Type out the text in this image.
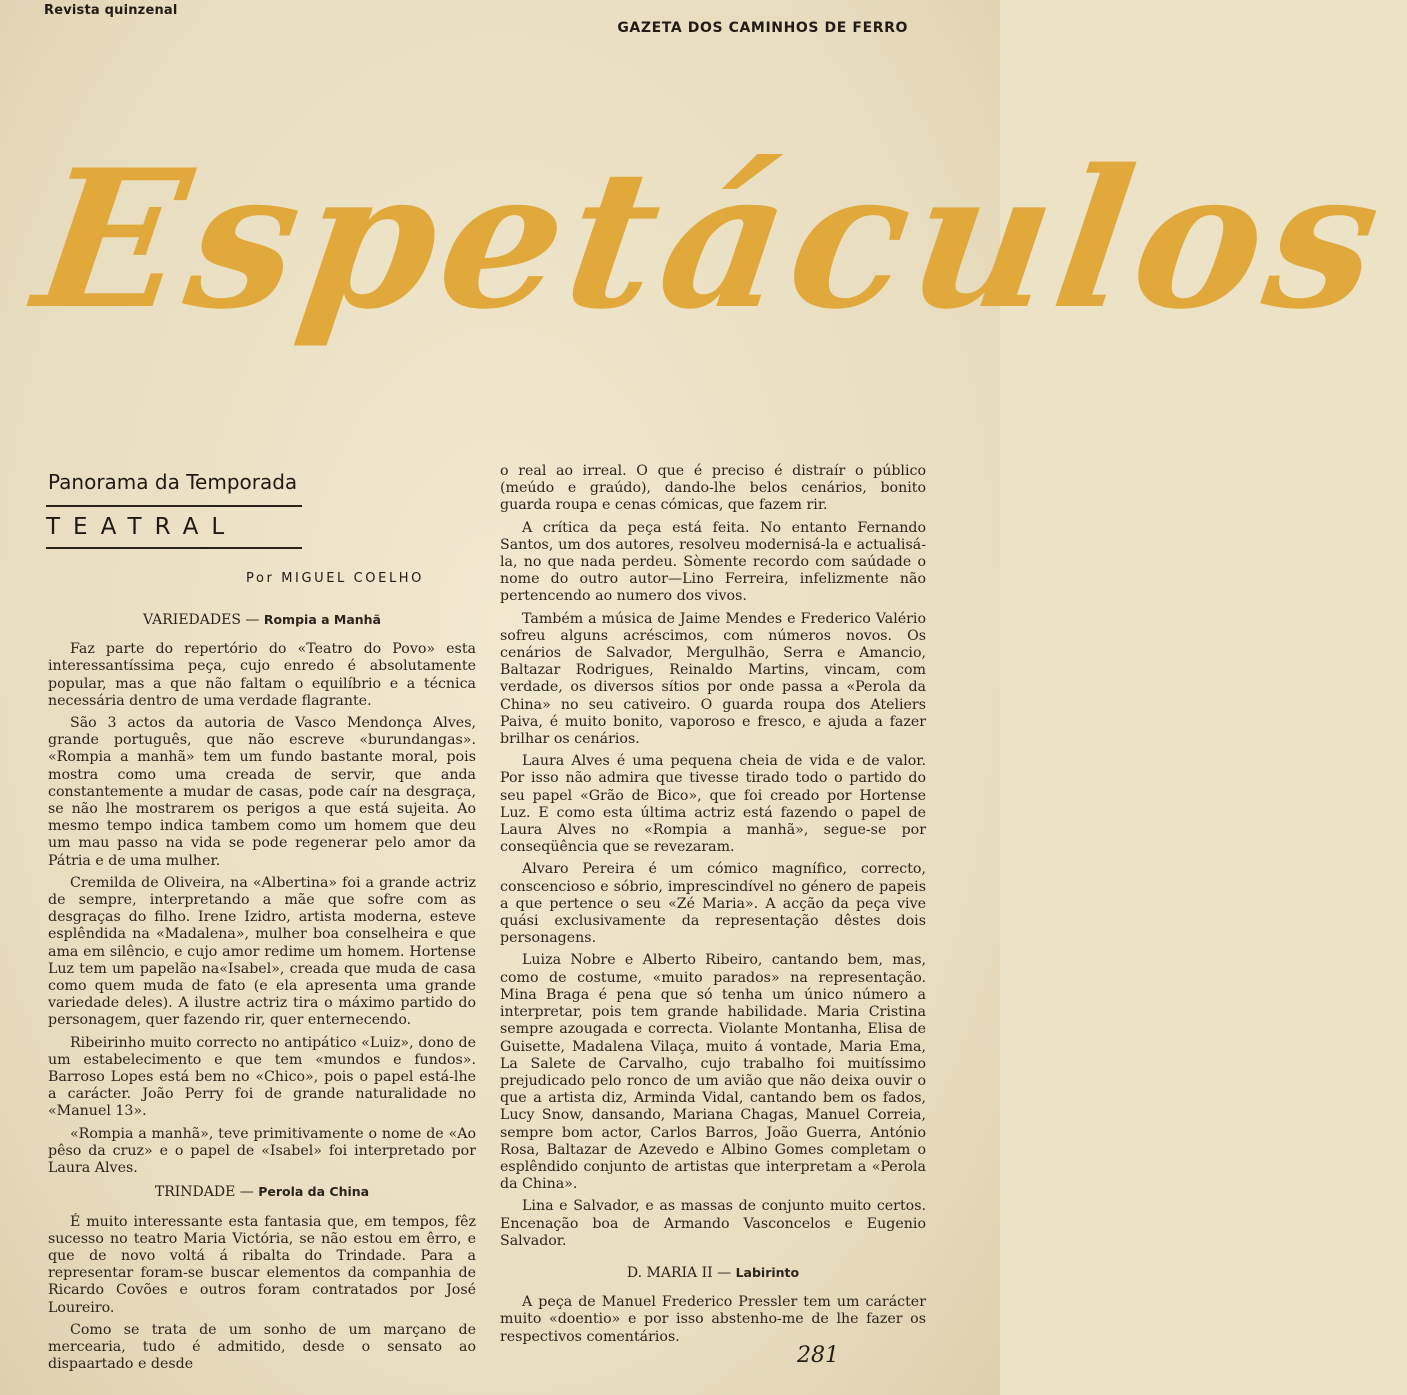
Revista quinzenal
GAZETA DOS CAMINHOS DE FERRO
Espetáculos
Panorama da Temporada
TEATRAL
Por MIGUEL COELHO

VARIEDADES — Rompia a Manhã

Faz parte do repertório do «Teatro do Povo» esta interessantíssima peça, cujo enredo é absolutamente popular, mas a que não faltam o equilíbrio e a técnica necessária dentro de uma verdade flagrante.

São 3 actos da autoria de Vasco Mendonça Alves, grande português, que não escreve «burundangas». «Rompia a manhã» tem um fundo bastante moral, pois mostra como uma creada de servir, que anda constantemente a mudar de casas, pode caír na desgraça, se não lhe mostrarem os perigos a que está sujeita. Ao mesmo tempo indica tambem como um homem que deu um mau passo na vida se pode regenerar pelo amor da Pátria e de uma mulher.

Cremilda de Oliveira, na «Albertina» foi a grande actriz de sempre, interpretando a mãe que sofre com as desgraças do filho. Irene Izidro, artista moderna, esteve esplêndida na «Madalena», mulher boa conselheira e que ama em silêncio, e cujo amor redime um homem. Hortense Luz tem um papelão na«Isabel», creada que muda de casa como quem muda de fato (e ela apresenta uma grande variedade deles). A ilustre actriz tira o máximo partido do personagem, quer fazendo rir, quer enternecendo.

Ribeirinho muito correcto no antipático «Luiz», dono de um estabelecimento e que tem «mundos e fundos». Barroso Lopes está bem no «Chico», pois o papel está-lhe a carácter. João Perry foi de grande naturalidade no «Manuel 13».

«Rompia a manhã», teve primitivamente o nome de «Ao pêso da cruz» e o papel de «Isabel» foi interpretado por Laura Alves.

TRINDADE — Perola da China

É muito interessante esta fantasia que, em tempos, fêz sucesso no teatro Maria Victória, se não estou em êrro, e que de novo voltá á ribalta do Trindade. Para a representar foram-se buscar elementos da companhia de Ricardo Covões e outros foram contratados por José Loureiro.

Como se trata de um sonho de um marçano de mercearia, tudo é admitido, desde o sensato ao dispaartado e desde

o real ao irreal. O que é preciso é distraír o público (meúdo e graúdo), dando-lhe belos cenários, bonito guarda roupa e cenas cómicas, que fazem rir.

A crítica da peça está feita. No entanto Fernando Santos, um dos autores, resolveu modernisá-la e actualisá-la, no que nada perdeu. Sòmente recordo com saúdade o nome do outro autor—Lino Ferreira, infelizmente não pertencendo ao numero dos vivos.

Também a música de Jaime Mendes e Frederico Valério sofreu alguns acréscimos, com números novos. Os cenários de Salvador, Mergulhão, Serra e Amancio, Baltazar Rodrigues, Reinaldo Martins, vincam, com verdade, os diversos sítios por onde passa a «Perola da China» no seu cativeiro. O guarda roupa dos Ateliers Paiva, é muito bonito, vaporoso e fresco, e ajuda a fazer brilhar os cenários.

Laura Alves é uma pequena cheia de vida e de valor. Por isso não admira que tivesse tirado todo o partido do seu papel «Grão de Bico», que foi creado por Hortense Luz. E como esta última actriz está fazendo o papel de Laura Alves no «Rompia a manhã», segue-se por conseqüência que se revezaram.

Alvaro Pereira é um cómico magnífico, correcto, conscencioso e sóbrio, imprescindível no género de papeis a que pertence o seu «Zé Maria». A acção da peça vive quási exclusivamente da representação dêstes dois personagens.

Luiza Nobre e Alberto Ribeiro, cantando bem, mas, como de costume, «muito parados» na representação. Mina Braga é pena que só tenha um único número a interpretar, pois tem grande habilidade. Maria Cristina sempre azougada e correcta. Violante Montanha, Elisa de Guisette, Madalena Vilaça, muito á vontade, Maria Ema, La Salete de Carvalho, cujo trabalho foi muitíssimo prejudicado pelo ronco de um avião que não deixa ouvir o que a artista diz, Arminda Vidal, cantando bem os fados, Lucy Snow, dansando, Mariana Chagas, Manuel Correia, sempre bom actor, Carlos Barros, João Guerra, António Rosa, Baltazar de Azevedo e Albino Gomes completam o esplêndido conjunto de artistas que interpretam a «Perola da China».

Lina e Salvador, e as massas de conjunto muito certos. Encenação boa de Armando Vasconcelos e Eugenio Salvador.

D. MARIA II — Labirinto

A peça de Manuel Frederico Pressler tem um carácter muito «doentio» e por isso abstenho-me de lhe fazer os respectivos comentários.

281
